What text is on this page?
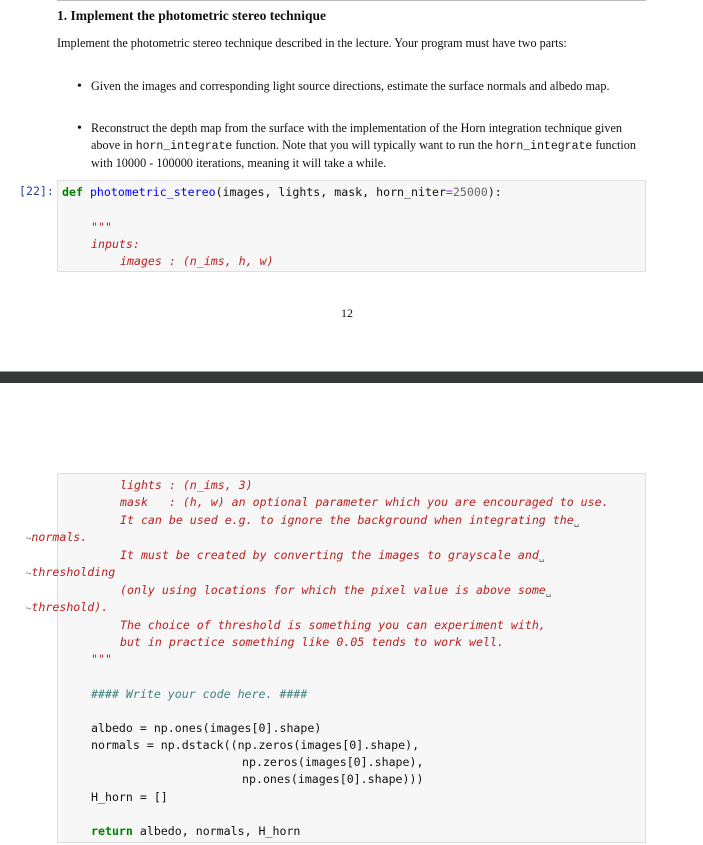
1. Implement the photometric stereo technique
Implement the photometric stereo technique described in the lecture. Your program must have two parts:
• Given the images and corresponding light source directions, estimate the surface normals and albedo map.
• Reconstruct the depth map from the surface with the implementation of the Horn integration technique given above in horn_integrate function. Note that you will typically want to run the horn_integrate function with 10000 - 100000 iterations, meaning it will take a while.
[22]: def photometric_stereo(images, lights, mask, horn_niter=25000):
"""
inputs:
images : (n_ims, h, w)
12
lights : (n_ims, 3)
mask   : (h, w) an optional parameter which you are encouraged to use.
It can be used e.g. to ignore the background when integrating the␣
↪normals.
It must be created by converting the images to grayscale and␣
↪thresholding
(only using locations for which the pixel value is above some␣
↪threshold).
The choice of threshold is something you can experiment with,
but in practice something like 0.05 tends to work well.
"""
#### Write your code here. ####
albedo = np.ones(images[0].shape)
normals = np.dstack((np.zeros(images[0].shape),
np.zeros(images[0].shape),
np.ones(images[0].shape)))
H_horn = []
return albedo, normals, H_horn
